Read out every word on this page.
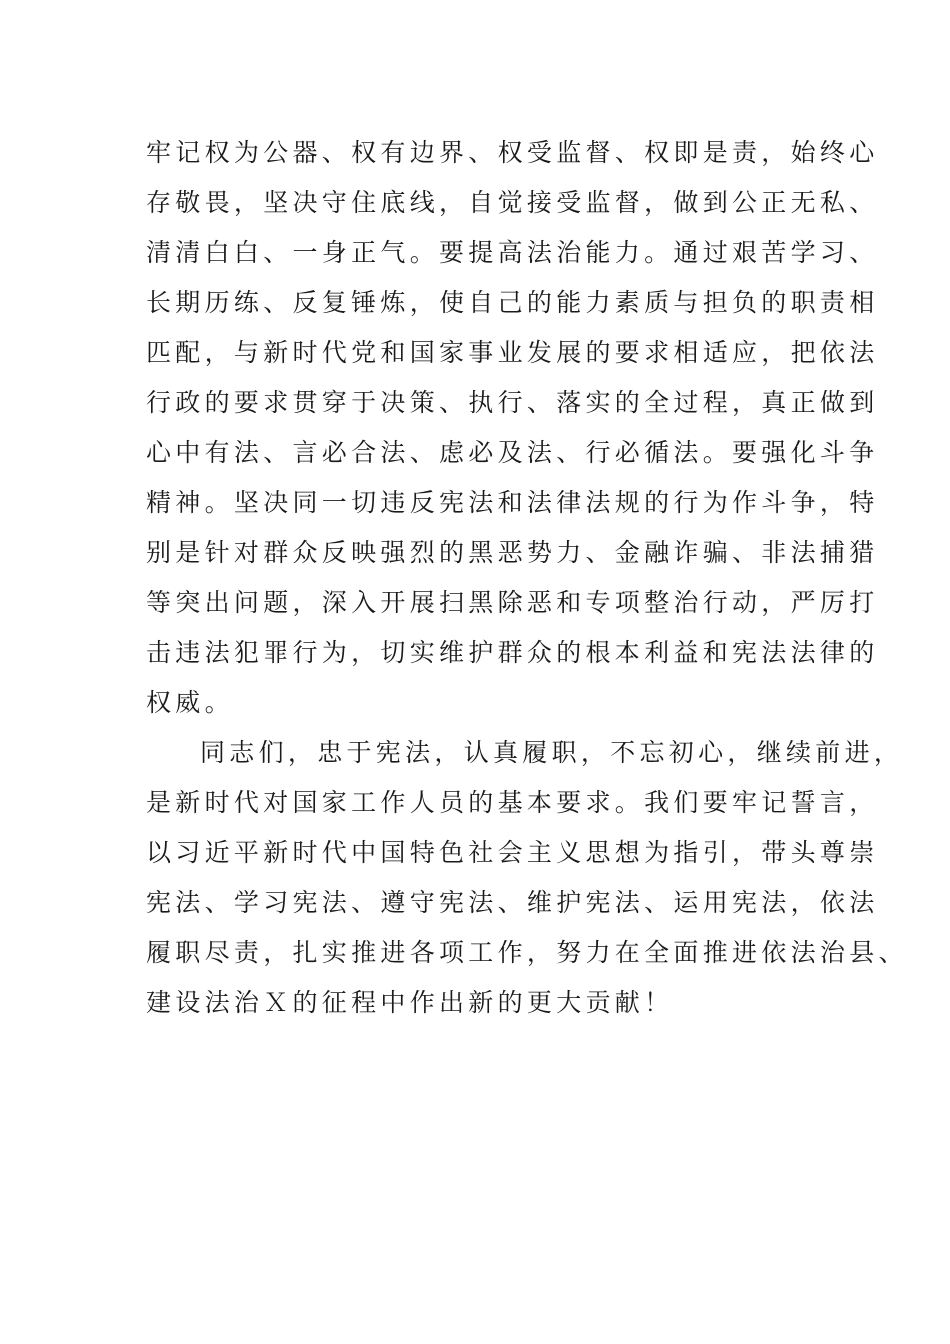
牢记权为公器、权有边界、权受监督、权即是责，始终心
存敬畏，坚决守住底线，自觉接受监督，做到公正无私、
清清白白、一身正气。要提高法治能力。通过艰苦学习、
长期历练、反复锤炼，使自己的能力素质与担负的职责相
匹配，与新时代党和国家事业发展的要求相适应，把依法
行政的要求贯穿于决策、执行、落实的全过程，真正做到
心中有法、言必合法、虑必及法、行必循法。要强化斗争
精神。坚决同一切违反宪法和法律法规的行为作斗争，特
别是针对群众反映强烈的黑恶势力、金融诈骗、非法捕猎
等突出问题，深入开展扫黑除恶和专项整治行动，严厉打
击违法犯罪行为，切实维护群众的根本利益和宪法法律的
权威。
同志们，忠于宪法，认真履职，不忘初心，继续前进，
是新时代对国家工作人员的基本要求。我们要牢记誓言，
以习近平新时代中国特色社会主义思想为指引，带头尊崇
宪法、学习宪法、遵守宪法、维护宪法、运用宪法，依法
履职尽责，扎实推进各项工作，努力在全面推进依法治县、
建设法治Ｘ的征程中作出新的更大贡献！
